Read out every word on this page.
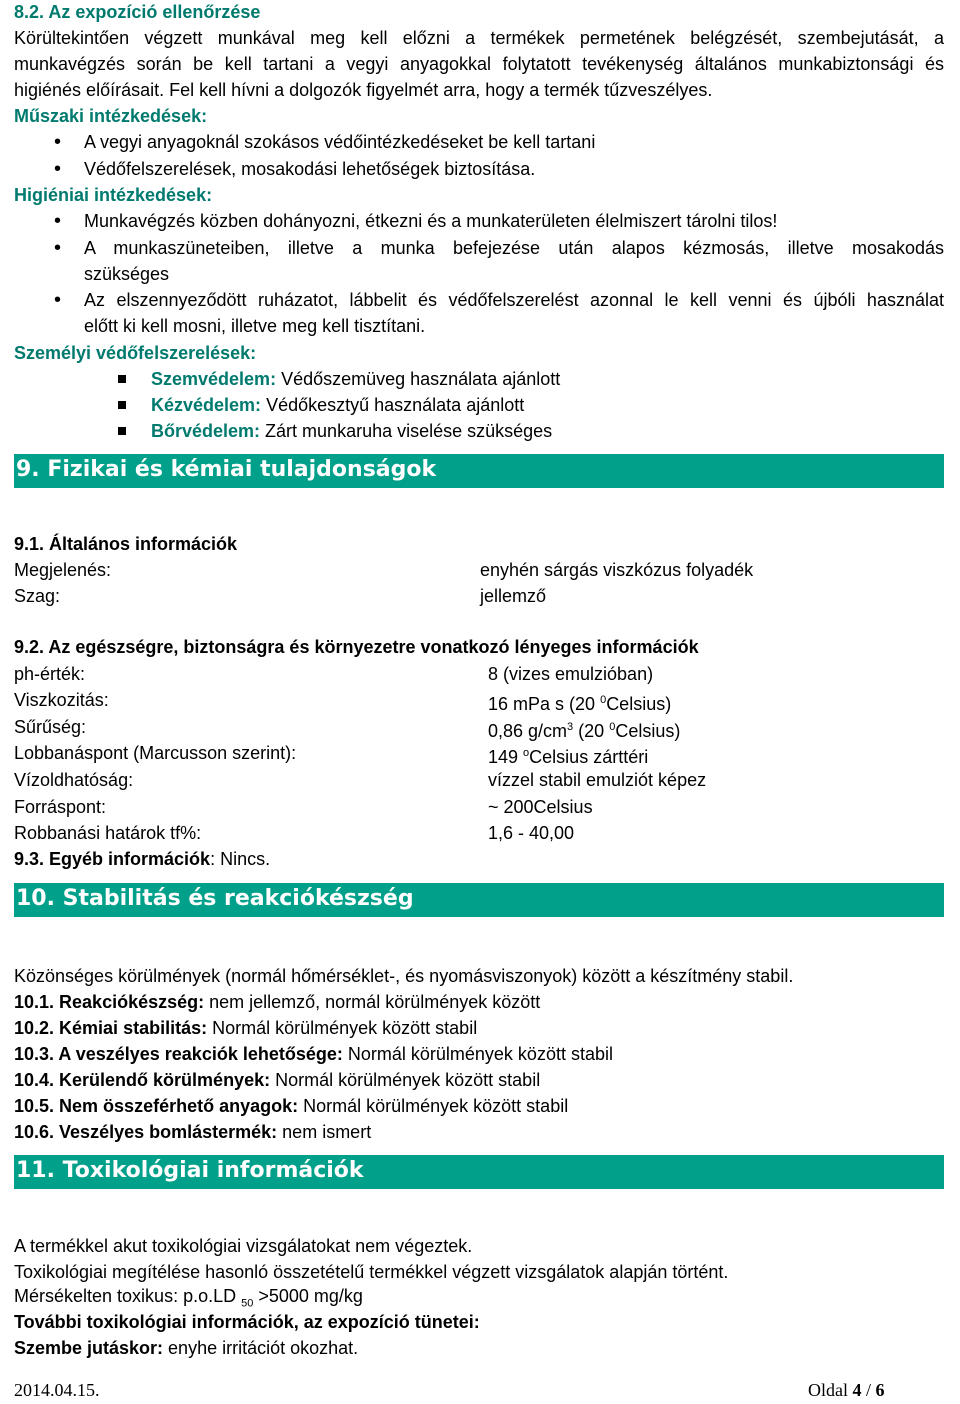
8.2. Az expozíció ellenőrzése
Körültekintően végzett munkával meg kell előzni a termékek permetének belégzését, szembejutását, a
munkavégzés során be kell tartani a vegyi anyagokkal folytatott tevékenység általános munkabiztonsági és
higiénés előírásait. Fel kell hívni a dolgozók figyelmét arra, hogy a termék tűzveszélyes.
Műszaki intézkedések:
• A vegyi anyagoknál szokásos védőintézkedéseket be kell tartani
• Védőfelszerelések, mosakodási lehetőségek biztosítása.
Higiéniai intézkedések:
• Munkavégzés közben dohányozni, étkezni és a munkaterületen élelmiszert tárolni tilos!
• A munkaszüneteiben, illetve a munka befejezése után alapos kézmosás, illetve mosakodás
szükséges
• Az elszennyeződött ruházatot, lábbelit és védőfelszerelést azonnal le kell venni és újbóli használat
előtt ki kell mosni, illetve meg kell tisztítani.
Személyi védőfelszerelések:
Szemvédelem: Védőszemüveg használata ajánlott
Kézvédelem: Védőkesztyű használata ajánlott
Bőrvédelem: Zárt munkaruha viselése szükséges
9. Fizikai és kémiai tulajdonságok
9.1. Általános információk
Megjelenés:	enyhén sárgás viszkózus folyadék
Szag:	jellemző
9.2. Az egészségre, biztonságra és környezetre vonatkozó lényeges információk
ph-érték:	8 (vizes emulzióban)
Viszkozitás:	16 mPa s (20 $^0$Celsius)
Sűrűség:	0,86 $g/cm^3$ (20 $^0$Celsius)
Lobbanáspont (Marcusson szerint):	149 $^o$Celsius zárttéri
Vízoldhatóság:	vízzel stabil emulziót képez
Forráspont:	~ 200Celsius
Robbanási határok tf%:	1,6 - 40,00
9.3. Egyéb információk: Nincs.
10. Stabilitás és reakciókészség
Közönséges körülmények (normál hőmérséklet-, és nyomásviszonyok) között a készítmény stabil.
10.1. Reakciókészség: nem jellemző, normál körülmények között
10.2. Kémiai stabilitás: Normál körülmények között stabil
10.3. A veszélyes reakciók lehetősége: Normál körülmények között stabil
10.4. Kerülendő körülmények: Normál körülmények között stabil
10.5. Nem összeférhető anyagok: Normál körülmények között stabil
10.6. Veszélyes bomlástermék: nem ismert
11. Toxikológiai információk
A termékkel akut toxikológiai vizsgálatokat nem végeztek.
Toxikológiai megítélése hasonló összetételű termékkel végzett vizsgálatok alapján történt.
Mérsékelten toxikus: p.o.LD $_{50}$ >5000 mg/kg
További toxikológiai információk, az expozíció tünetei:
Szembe jutáskor: enyhe irritációt okozhat.
2014.04.15.	Oldal 4 / 6
